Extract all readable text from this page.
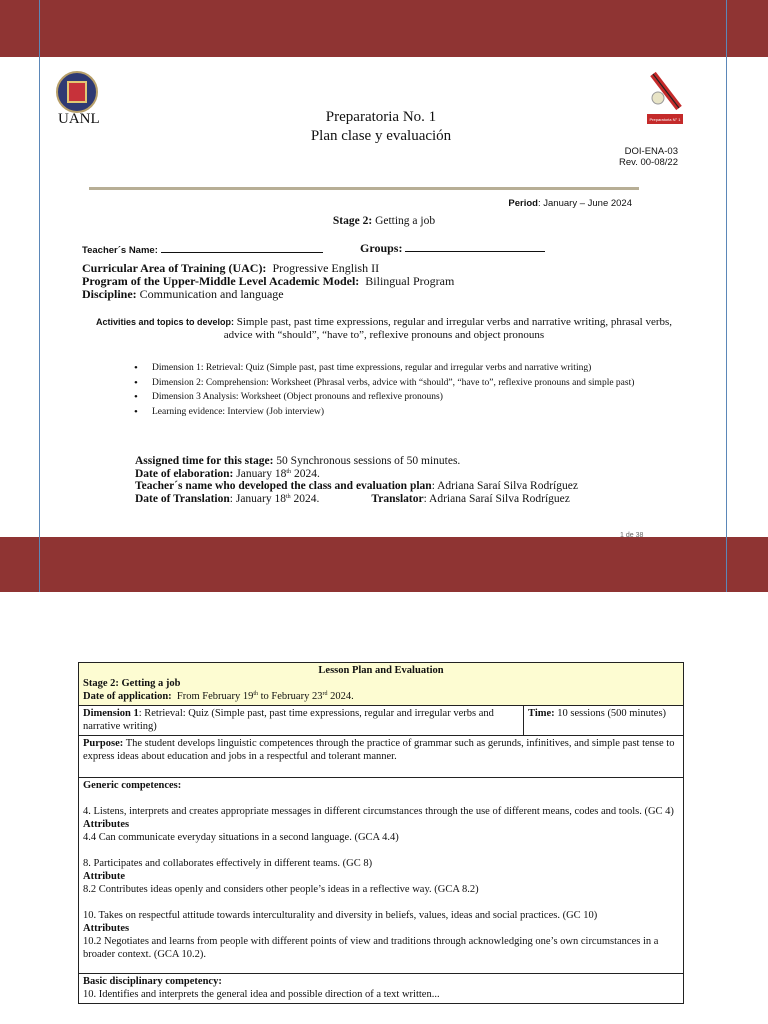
UANL	Preparatoria No. 1
Plan clase y evaluación
Preparatoria N° 1
DOI-ENA-03
Rev. 00-08/22
Period: January – June 2024
Stage 2: Getting a job
Teacher´s Name:	Groups:
Curricular Area of Training (UAC): Progressive English II
Program of the Upper-Middle Level Academic Model: Bilingual Program
Discipline: Communication and language
Activities and topics to develop: Simple past, past time expressions, regular and irregular verbs and narrative writing, phrasal verbs, advice with “should”, “have to”, reflexive pronouns and object pronouns
• Dimension 1: Retrieval: Quiz (Simple past, past time expressions, regular and irregular verbs and narrative writing)
• Dimension 2: Comprehension: Worksheet (Phrasal verbs, advice with “should”, “have to”, reflexive pronouns and simple past)
• Dimension 3 Analysis: Worksheet (Object pronouns and reflexive pronouns)
• Learning evidence: Interview (Job interview)
Assigned time for this stage: 50 Synchronous sessions of 50 minutes.
Date of elaboration: January 18th 2024.
Teacher´s name who developed the class and evaluation plan: Adriana Saraí Silva Rodríguez
Date of Translation: January 18th 2024.	Translator: Adriana Saraí Silva Rodríguez
1 de 38
Lesson Plan and Evaluation
Stage 2: Getting a job
Date of application: From February 19th to February 23rd 2024.

Dimension 1: Retrieval: Quiz (Simple past, past time expressions, regular and irregular verbs and narrative writing)	Time: 10 sessions (500 minutes)
Purpose: The student develops linguistic competences through the practice of grammar such as gerunds, infinitives, and simple past tense to express ideas about education and jobs in a respectful and tolerant manner.

Generic competences:
4. Listens, interprets and creates appropriate messages in different circumstances through the use of different means, codes and tools. (GC 4)
Attributes
4.4 Can communicate everyday situations in a second language. (GCA 4.4)
8. Participates and collaborates effectively in different teams. (GC 8)
Attribute
8.2 Contributes ideas openly and considers other people’s ideas in a reflective way. (GCA 8.2)
10. Takes on respectful attitude towards interculturality and diversity in beliefs, values, ideas and social practices. (GC 10)
Attributes
10.2 Negotiates and learns from people with different points of view and traditions through acknowledging one’s own circumstances in a broader context. (GCA 10.2).

Basic disciplinary competency:
10. Identifies and interprets the general idea and possible direction of a text written...
